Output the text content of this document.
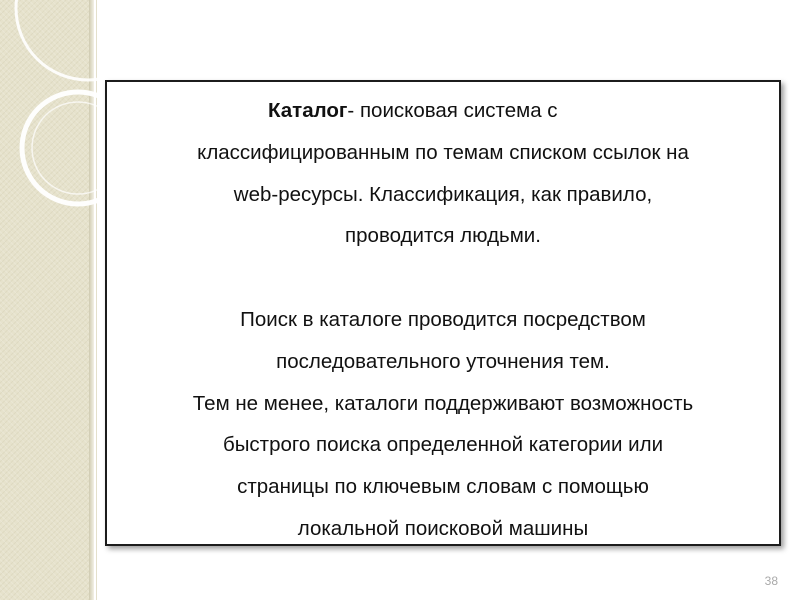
Каталог- поисковая система с

классифицированным по темам списком ссылок на

web-ресурсы. Классификация, как правило,

проводится людьми.

Поиск в каталоге проводится посредством

последовательного уточнения тем.

Тем не менее, каталоги поддерживают возможность

быстрого поиска определенной категории или

страницы по ключевым словам с помощью

локальной поисковой машины

38
